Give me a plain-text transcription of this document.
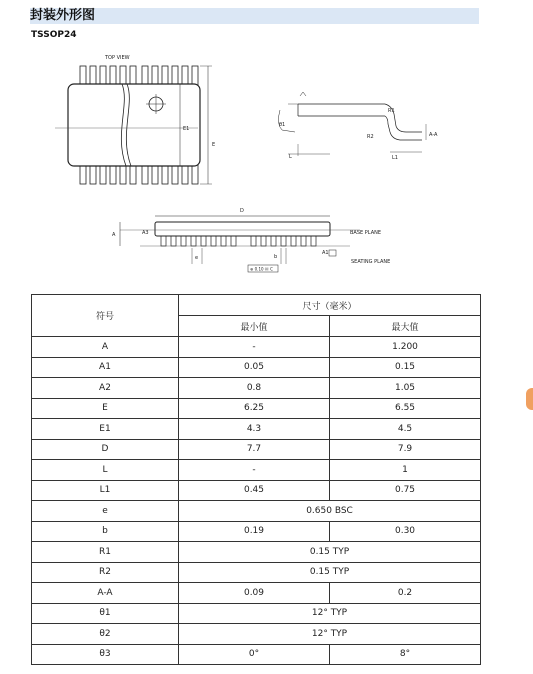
封装外形图
TSSOP24
TOP VIEW
E1
E
θ1
R1
R2
L	L1
A-A
D
A	A3
A1
e	b
⊕ 0.10 ⓜ C
BASE PLANE
SEATING PLANE
符号	尺寸（毫米）	
	最小值	最大值
A	-	1.200
A1	0.05	0.15
A2	0.8	1.05
E	6.25	6.55
E1	4.3	4.5
D	7.7	7.9
L	-	1
L1	0.45	0.75
e	0.650 BSC	
b	0.19	0.30
R1	0.15 TYP	
R2	0.15 TYP	
A-A	0.09	0.2
θ1	12° TYP	
θ2	12° TYP	
θ3	0°	8°
